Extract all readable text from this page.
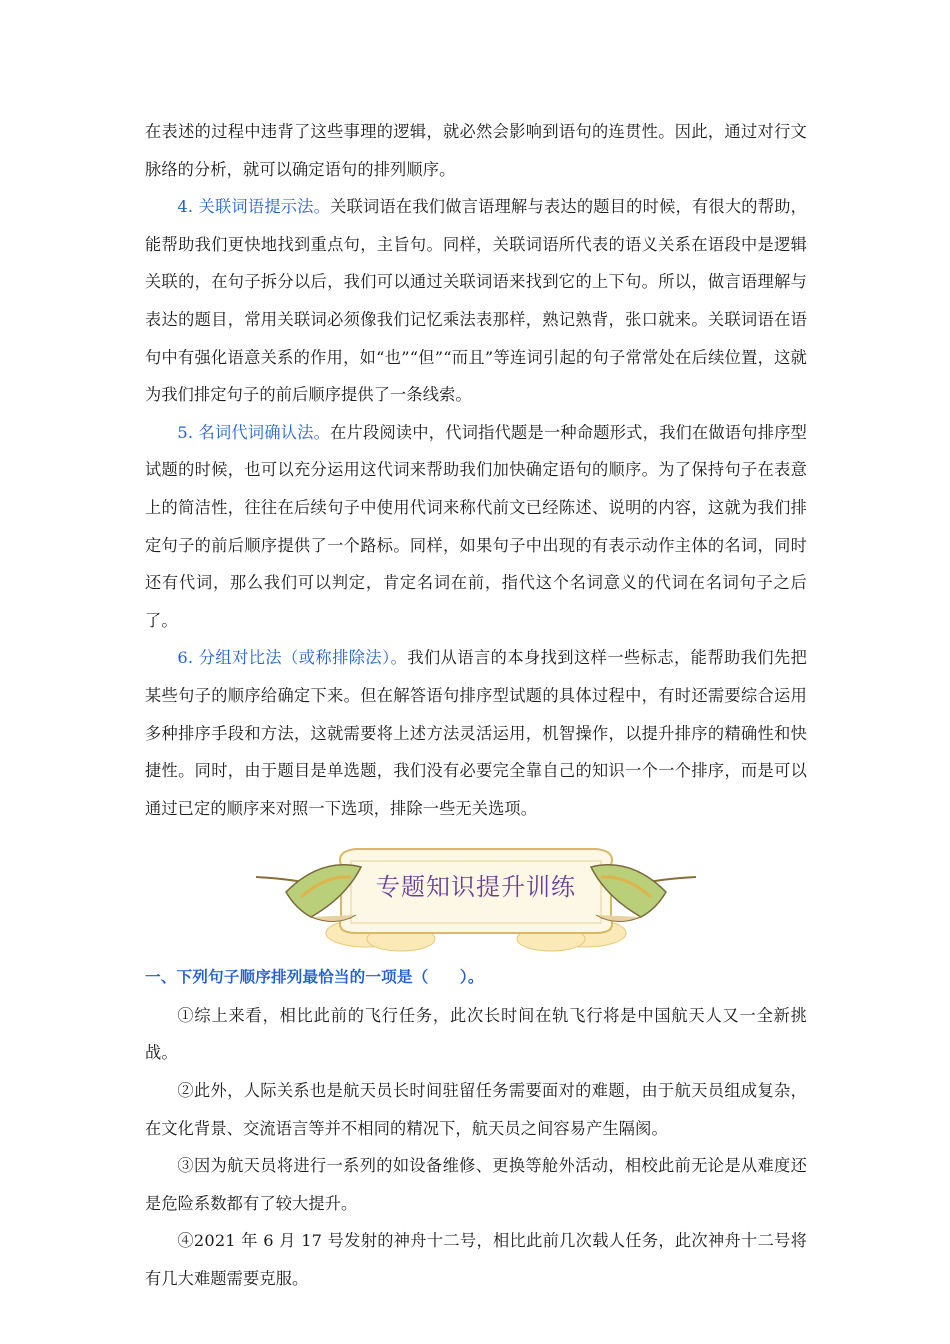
在表述的过程中违背了这些事理的逻辑，就必然会影响到语句的连贯性。因此，通过对行文脉络的分析，就可以确定语句的排列顺序。

4. 关联词语提示法。关联词语在我们做言语理解与表达的题目的时候，有很大的帮助，能帮助我们更快地找到重点句，主旨句。同样，关联词语所代表的语义关系在语段中是逻辑关联的，在句子拆分以后，我们可以通过关联词语来找到它的上下句。所以，做言语理解与表达的题目，常用关联词必须像我们记忆乘法表那样，熟记熟背，张口就来。关联词语在语句中有强化语意关系的作用，如“也”“但”“而且”等连词引起的句子常常处在后续位置，这就为我们排定句子的前后顺序提供了一条线索。

5. 名词代词确认法。在片段阅读中，代词指代题是一种命题形式，我们在做语句排序型试题的时候，也可以充分运用这代词来帮助我们加快确定语句的顺序。为了保持句子在表意上的简洁性，往往在后续句子中使用代词来称代前文已经陈述、说明的内容，这就为我们排定句子的前后顺序提供了一个路标。同样，如果句子中出现的有表示动作主体的名词，同时还有代词，那么我们可以判定，肯定名词在前，指代这个名词意义的代词在名词句子之后了。

6. 分组对比法（或称排除法）。我们从语言的本身找到这样一些标志，能帮助我们先把某些句子的顺序给确定下来。但在解答语句排序型试题的具体过程中，有时还需要综合运用多种排序手段和方法，这就需要将上述方法灵活运用，机智操作，以提升排序的精确性和快捷性。同时，由于题目是单选题，我们没有必要完全靠自己的知识一个一个排序，而是可以通过已定的顺序来对照一下选项，排除一些无关选项。

专题知识提升训练

一、下列句子顺序排列最恰当的一项是（　　）。

①综上来看，相比此前的飞行任务，此次长时间在轨飞行将是中国航天人又一全新挑战。

②此外，人际关系也是航天员长时间驻留任务需要面对的难题，由于航天员组成复杂，在文化背景、交流语言等并不相同的精况下，航天员之间容易产生隔阂。

③因为航天员将进行一系列的如设备维修、更换等舱外活动，相校此前无论是从难度还是危险系数都有了较大提升。

④2021 年 6 月 17 号发射的神舟十二号，相比此前几次载人任务，此次神舟十二号将有几大难题需要克服。
